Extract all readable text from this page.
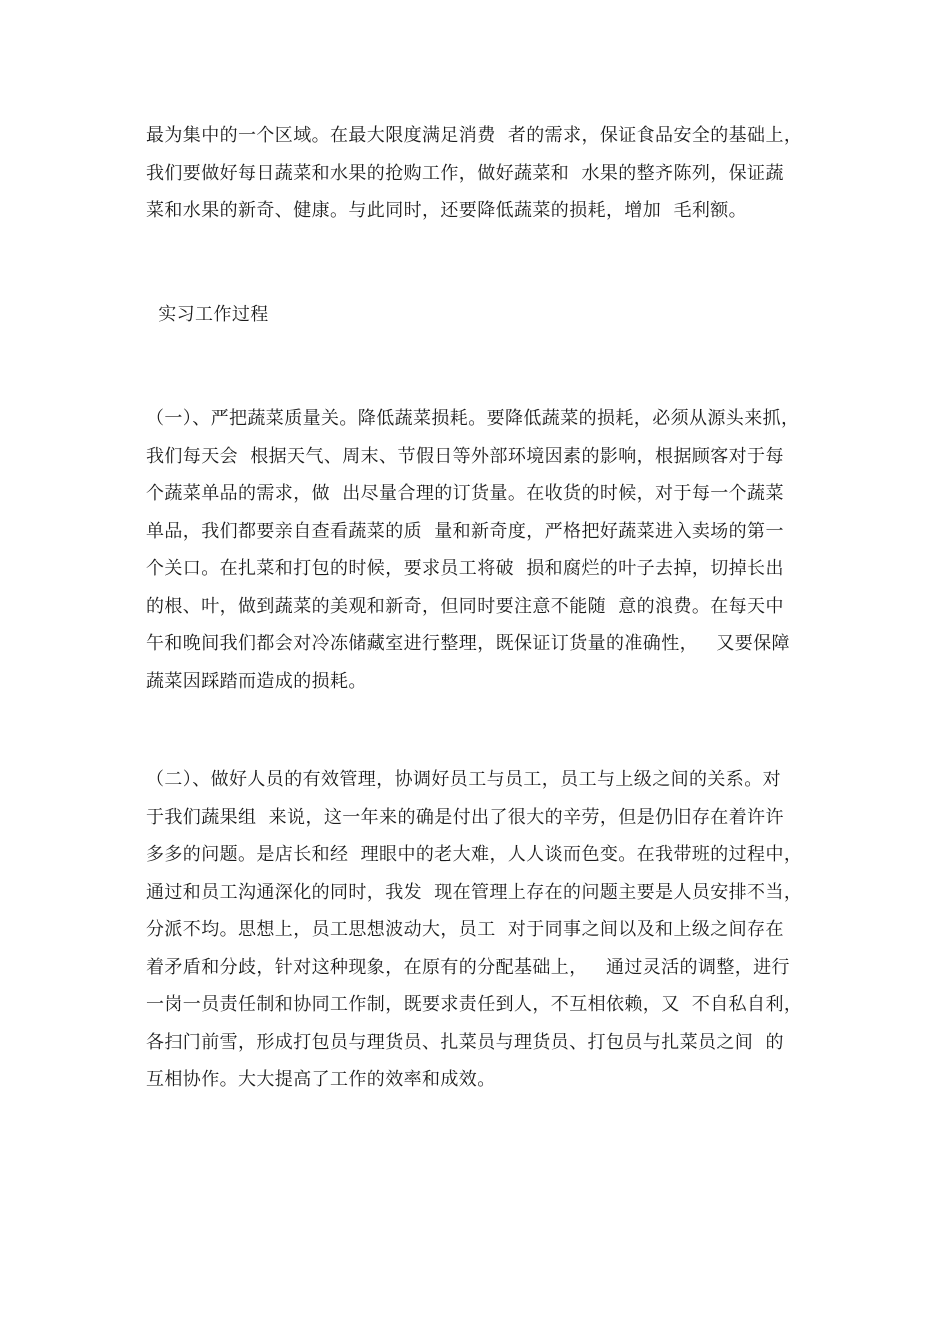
最为集中的一个区域。在最大限度满足消费  者的需求，保证食品安全的基础上，
我们要做好每日蔬菜和水果的抢购工作，做好蔬菜和  水果的整齐陈列，保证蔬
菜和水果的新奇、健康。与此同时，还要降低蔬菜的损耗，增加  毛利额。
实习工作过程
（一）、严把蔬菜质量关。降低蔬菜损耗。要降低蔬菜的损耗，必须从源头来抓，
我们每天会  根据天气、周末、节假日等外部环境因素的影响，根据顾客对于每
个蔬菜单品的需求，做  出尽量合理的订货量。在收货的时候，对于每一个蔬菜
单品，我们都要亲自查看蔬菜的质  量和新奇度，严格把好蔬菜进入卖场的第一
个关口。在扎菜和打包的时候，要求员工将破  损和腐烂的叶子去掉，切掉长出
的根、叶，做到蔬菜的美观和新奇，但同时要注意不能随  意的浪费。在每天中
午和晚间我们都会对冷冻储藏室进行整理，既保证订货量的准确性，   又要保障
蔬菜因踩踏而造成的损耗。
（二）、做好人员的有效管理，协调好员工与员工，员工与上级之间的关系。对
于我们蔬果组  来说，这一年来的确是付出了很大的辛劳，但是仍旧存在着许许
多多的问题。是店长和经  理眼中的老大难，人人谈而色变。在我带班的过程中，
通过和员工沟通深化的同时，我发  现在管理上存在的问题主要是人员安排不当，
分派不均。思想上，员工思想波动大，员工  对于同事之间以及和上级之间存在
着矛盾和分歧，针对这种现象，在原有的分配基础上，   通过灵活的调整，进行
一岗一员责任制和协同工作制，既要求责任到人，不互相依赖，又  不自私自利，
各扫门前雪，形成打包员与理货员、扎菜员与理货员、打包员与扎菜员之间  的
互相协作。大大提高了工作的效率和成效。
